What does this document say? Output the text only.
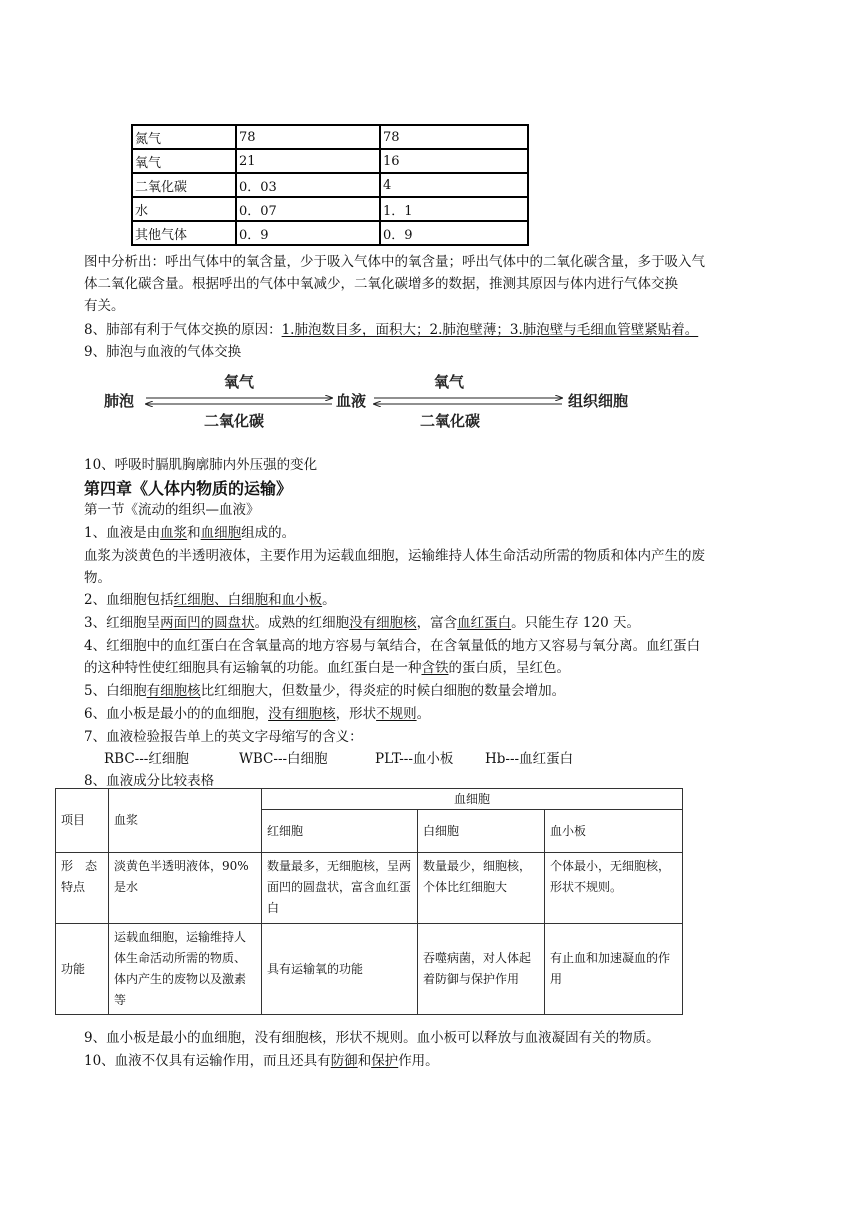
氮气	78	78
氧气	21	16
二氧化碳	0．03	4
水	0．07	1．1
其他气体	0．9	0．9
图中分析出：呼出气体中的氧含量，少于吸入气体中的氧含量；呼出气体中的二氧化碳含量，多于吸入气
体二氧化碳含量。根据呼出的气体中氧减少，二氧化碳增多的数据，推测其原因与体内进行气体交换
有关。
8、肺部有利于气体交换的原因：1.肺泡数目多，面积大；2.肺泡壁薄；3.肺泡壁与毛细血管壁紧贴着。
9、肺泡与血液的气体交换
肺泡
氧气
二氧化碳
血液
氧气
二氧化碳
组织细胞
10、呼吸时膈肌胸廓肺内外压强的变化
第四章《人体内物质的运输》
第一节《流动的组织—血液》
1、血液是由血浆和血细胞组成的。
血浆为淡黄色的半透明液体，主要作用为运载血细胞，运输维持人体生命活动所需的物质和体内产生的废
物。
2、血细胞包括红细胞、白细胞和血小板。
3、红细胞呈两面凹的圆盘状。成熟的红细胞没有细胞核，富含血红蛋白。只能生存 120 天。
4、红细胞中的血红蛋白在含氧量高的地方容易与氧结合，在含氧量低的地方又容易与氧分离。血红蛋白
的这种特性使红细胞具有运输氧的功能。血红蛋白是一种含铁的蛋白质，呈红色。
5、白细胞有细胞核比红细胞大，但数量少，得炎症的时候白细胞的数量会增加。
6、血小板是最小的的血细胞，没有细胞核，形状不规则。
7、血液检验报告单上的英文字母缩写的含义：
RBC---红细胞	WBC---白细胞	PLT---血小板 Hb---血红蛋白
8、血液成分比较表格
项目	血浆	血细胞		
		红细胞	白细胞	血小板
形　态特点	淡黄色半透明液体，90%是水	数量最多，无细胞核，呈两面凹的圆盘状，富含血红蛋白	数量最少，细胞核，个体比红细胞大	个体最小，无细胞核，形状不规则。
功能	运载血细胞，运输维持人体生命活动所需的物质、体内产生的废物以及激素等	具有运输氧的功能	吞噬病菌，对人体起着防御与保护作用	有止血和加速凝血的作用
9、血小板是最小的血细胞，没有细胞核，形状不规则。血小板可以释放与血液凝固有关的物质。
10、血液不仅具有运输作用，而且还具有防御和保护作用。
